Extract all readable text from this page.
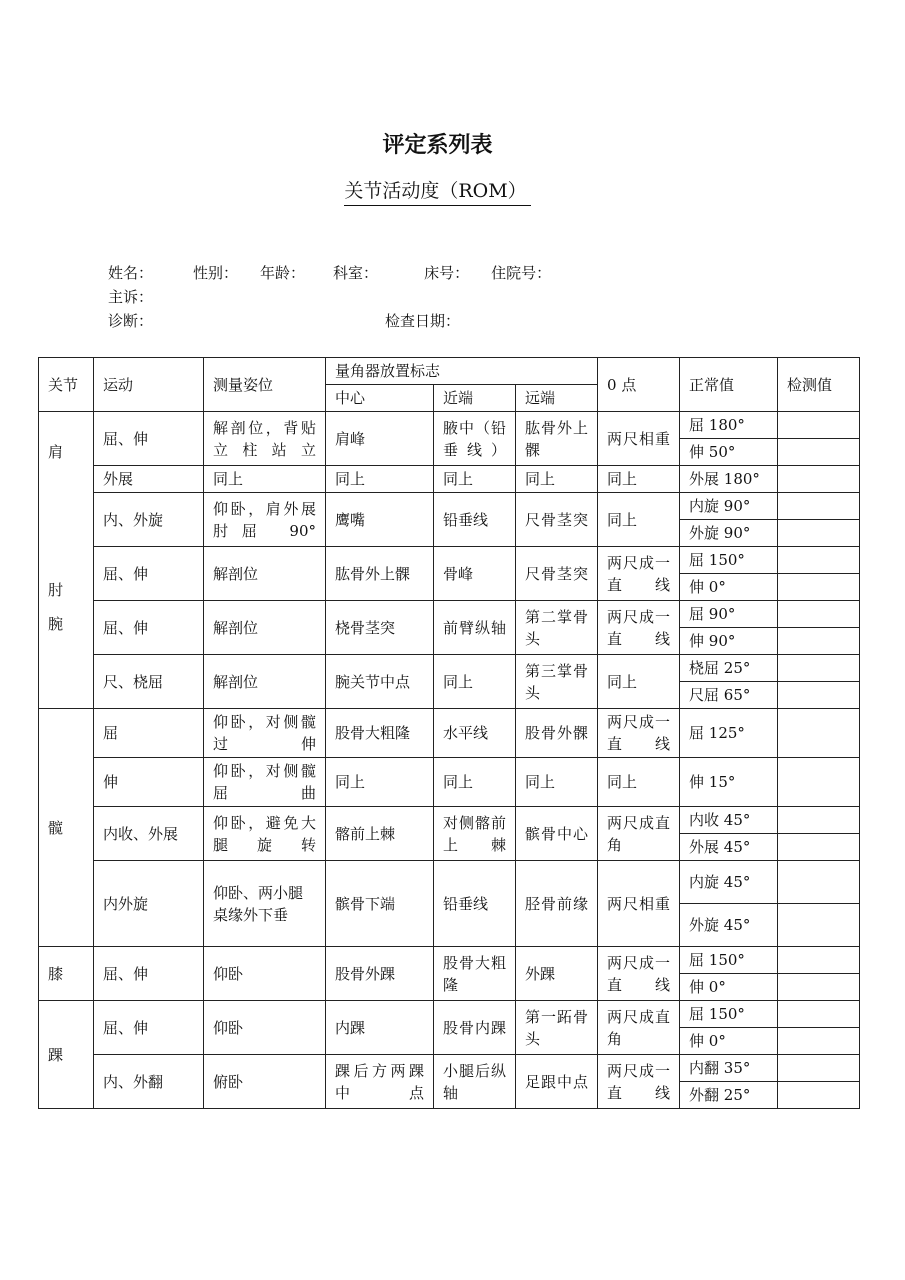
评定系列表
关节活动度（ROM）
姓名：	性别： 年龄： 科室：	床号： 住院号：
主诉：
诊断：	检查日期：
关节	运动	测量姿位	量角器放置标志			0 点	正常值	检测值
			中心	近端	远端			
肩	屈、伸	解剖位，背贴立柱站立	肩峰	腋中（铅垂线）	肱骨外上髁	两尺相重	屈 180°	
							伸 50°	
	外展	同上	同上	同上	同上	同上	外展 180°	
肘	内、外旋	仰卧，肩外展肘屈 90°	鹰嘴	铅垂线	尺骨茎突	同上	内旋 90°	
							外旋 90°	
	屈、伸	解剖位	肱骨外上髁	骨峰	尺骨茎突	两尺成一直线	屈 150°	
							伸 0°	
腕	屈、伸	解剖位	桡骨茎突	前臂纵轴	第二掌骨头	两尺成一直线	屈 90°	
							伸 90°	
	尺、桡屈	解剖位	腕关节中点	同上	第三掌骨头	同上	桡屈 25°	
							尺屈 65°	
髋	屈	仰卧，对侧髋过伸	股骨大粗隆	水平线	股骨外髁	两尺成一直线	屈 125°	
	伸	仰卧，对侧髋屈曲	同上	同上	同上	同上	伸 15°	
	内收、外展	仰卧，避免大腿旋转	髂前上棘	对侧髂前上棘	髌骨中心	两尺成直角	内收 45°	
							外展 45°	
	内外旋	仰卧、两小腿桌缘外下垂	髌骨下端	铅垂线	胫骨前缘	两尺相重	内旋 45°	
							外旋 45°	
膝	屈、伸	仰卧	股骨外踝	股骨大粗隆	外踝	两尺成一直线	屈 150°	
							伸 0°	
踝	屈、伸	仰卧	内踝	股骨内踝	第一跖骨头	两尺成直角	屈 150°	
							伸 0°	
	内、外翻	俯卧	踝后方两踝中点	小腿后纵轴	足跟中点	两尺成一直线	内翻 35°	
							外翻 25°	
